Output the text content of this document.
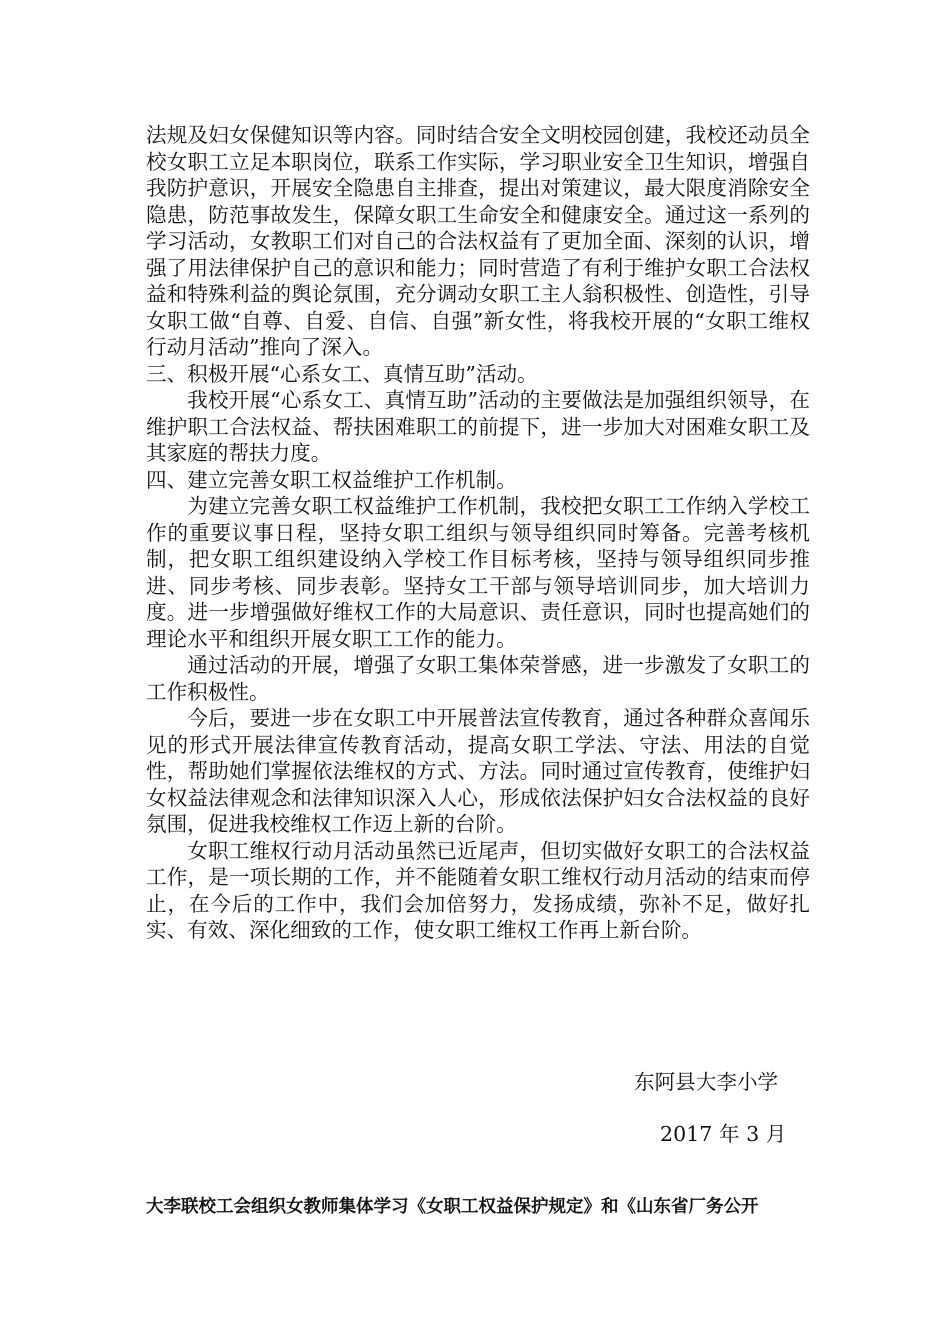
法规及妇女保健知识等内容。同时结合安全文明校园创建，我校还动员全校女职工立足本职岗位，联系工作实际，学习职业安全卫生知识，增强自我防护意识，开展安全隐患自主排查，提出对策建议，最大限度消除安全隐患，防范事故发生，保障女职工生命安全和健康安全。通过这一系列的学习活动，女教职工们对自己的合法权益有了更加全面、深刻的认识，增强了用法律保护自己的意识和能力；同时营造了有利于维护女职工合法权益和特殊利益的舆论氛围，充分调动女职工主人翁积极性、创造性，引导女职工做“自尊、自爱、自信、自强”新女性，将我校开展的“女职工维权行动月活动”推向了深入。

三、积极开展“心系女工、真情互助”活动。

我校开展“心系女工、真情互助”活动的主要做法是加强组织领导，在维护职工合法权益、帮扶困难职工的前提下，进一步加大对困难女职工及其家庭的帮扶力度。

四、建立完善女职工权益维护工作机制。

为建立完善女职工权益维护工作机制，我校把女职工工作纳入学校工作的重要议事日程，坚持女职工组织与领导组织同时筹备。完善考核机制，把女职工组织建设纳入学校工作目标考核，坚持与领导组织同步推进、同步考核、同步表彰。坚持女工干部与领导培训同步，加大培训力度。进一步增强做好维权工作的大局意识、责任意识，同时也提高她们的理论水平和组织开展女职工工作的能力。

通过活动的开展，增强了女职工集体荣誉感，进一步激发了女职工的工作积极性。

今后，要进一步在女职工中开展普法宣传教育，通过各种群众喜闻乐见的形式开展法律宣传教育活动，提高女职工学法、守法、用法的自觉性，帮助她们掌握依法维权的方式、方法。同时通过宣传教育，使维护妇女权益法律观念和法律知识深入人心，形成依法保护妇女合法权益的良好氛围，促进我校维权工作迈上新的台阶。

女职工维权行动月活动虽然已近尾声，但切实做好女职工的合法权益工作，是一项长期的工作，并不能随着女职工维权行动月活动的结束而停止，在今后的工作中，我们会加倍努力，发扬成绩，弥补不足，做好扎实、有效、深化细致的工作，使女职工维权工作再上新台阶。

东阿县大李小学
2017 年 3 月
大李联校工会组织女教师集体学习《女职工权益保护规定》和《山东省厂务公开
